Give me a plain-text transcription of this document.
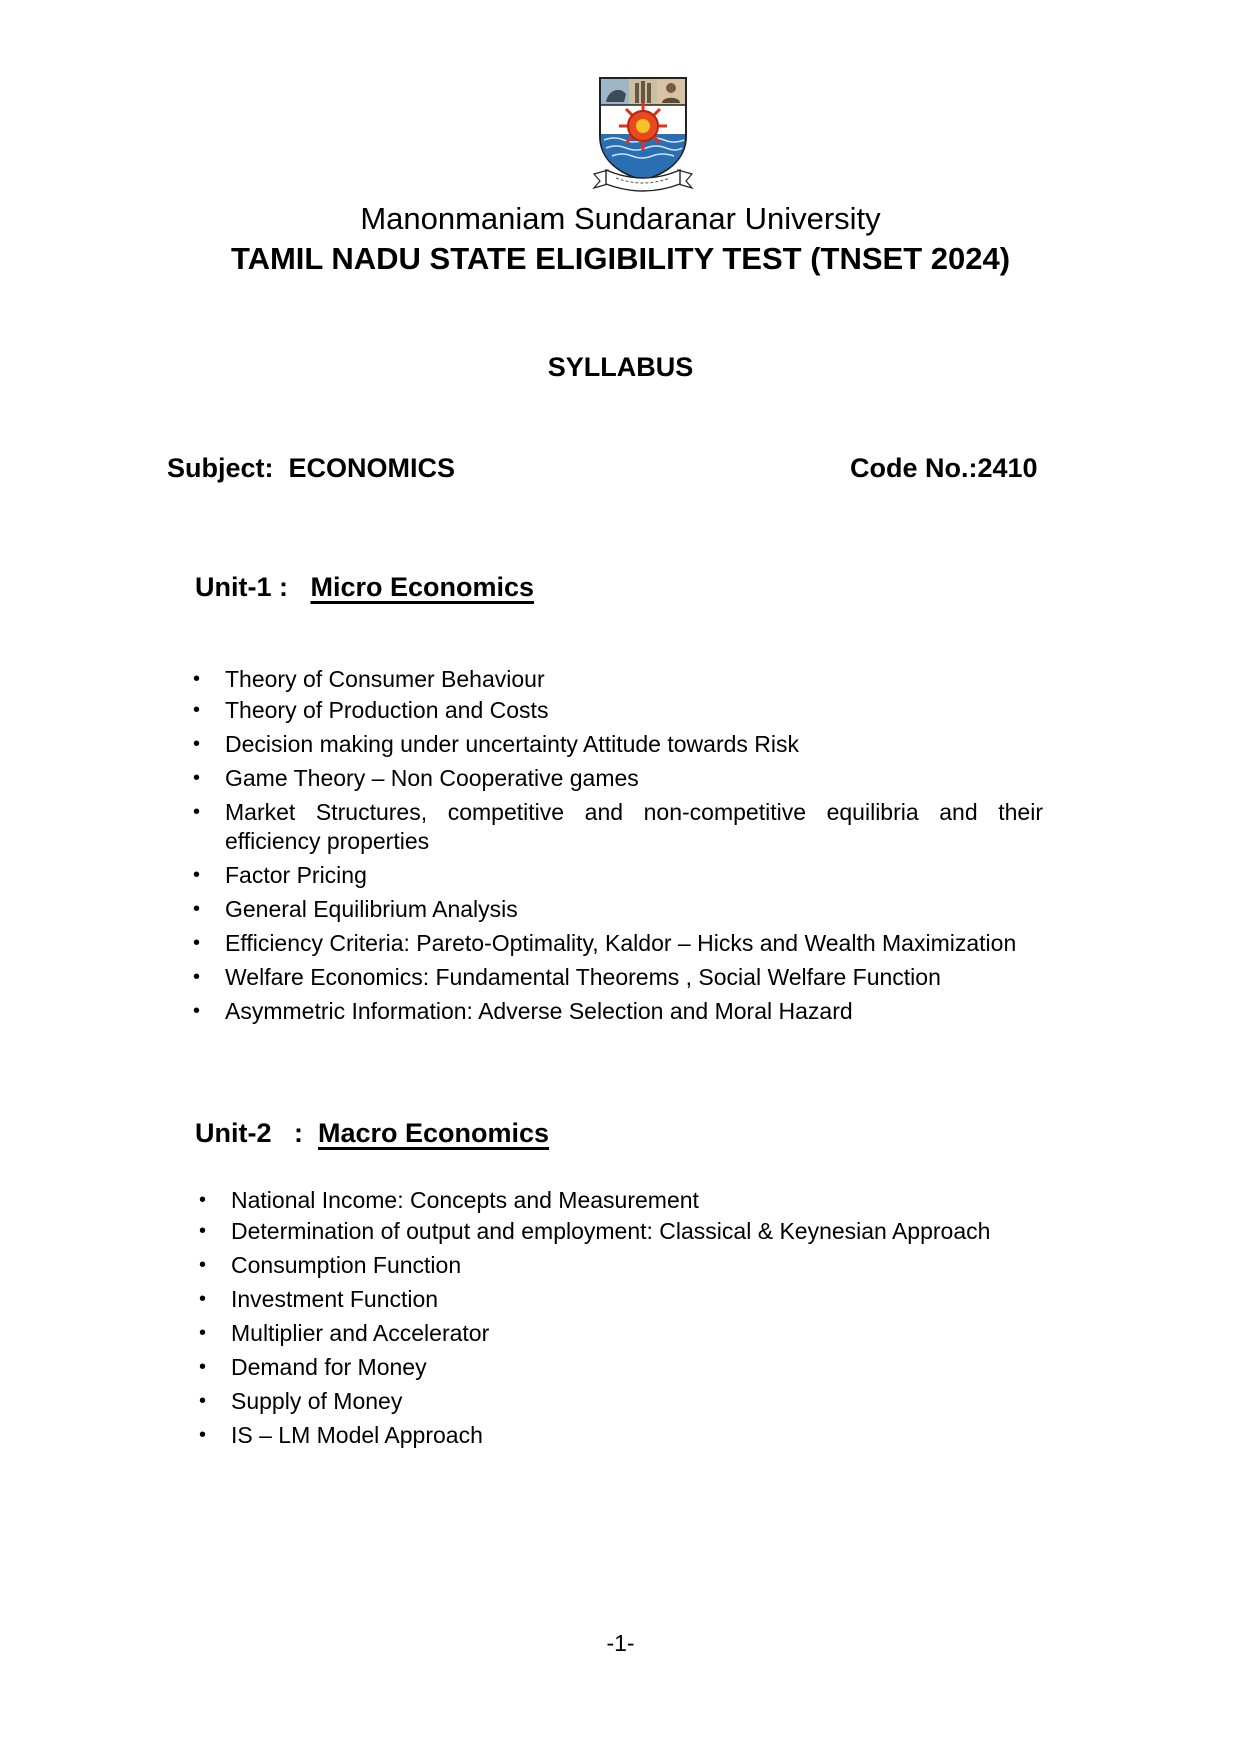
Manonmaniam Sundaranar University
TAMIL NADU STATE ELIGIBILITY TEST (TNSET 2024)
SYLLABUS
Subject:  ECONOMICS	Code No.:2410
Unit-1 :   Micro Economics
• Theory of Consumer Behaviour
• Theory of Production and Costs
• Decision making under uncertainty Attitude towards Risk
• Game Theory – Non Cooperative games
• Market Structures, competitive and non-competitive equilibria and their efficiency properties
• Factor Pricing
• General Equilibrium Analysis
• Efficiency Criteria: Pareto-Optimality, Kaldor – Hicks and Wealth Maximization
• Welfare Economics: Fundamental Theorems , Social Welfare Function
• Asymmetric Information: Adverse Selection and Moral Hazard
Unit-2   :  Macro Economics
• National Income: Concepts and Measurement
• Determination of output and employment: Classical & Keynesian Approach
• Consumption Function
• Investment Function
• Multiplier and Accelerator
• Demand for Money
• Supply of Money
• IS – LM Model Approach
-1-
